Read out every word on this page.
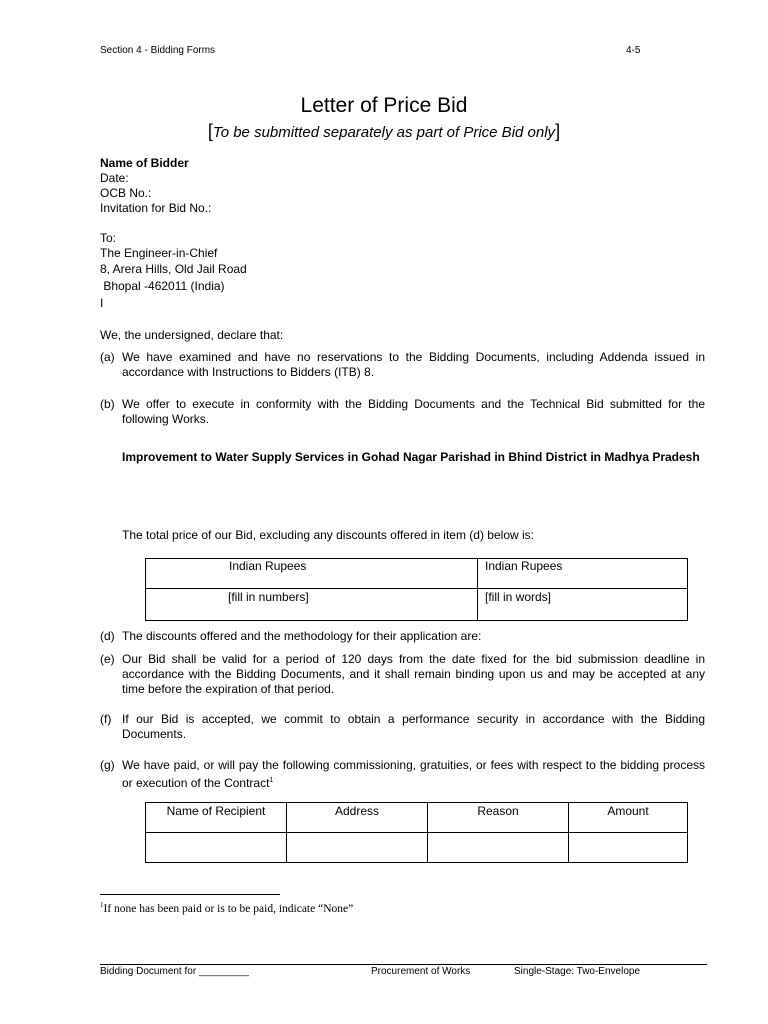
Section 4 - Bidding Forms	4-5
Letter of Price Bid
[To be submitted separately as part of Price Bid only]
Name of Bidder
Date:
OCB No.:
Invitation for Bid No.:
To:
The Engineer-in-Chief
8, Arera Hills, Old Jail Road
Bhopal -462011 (India)
I
We, the undersigned, declare that:
(a) We have examined and have no reservations to the Bidding Documents, including Addenda issued in accordance with Instructions to Bidders (ITB) 8.
(b) We offer to execute in conformity with the Bidding Documents and the Technical Bid submitted for the following Works.
Improvement to Water Supply Services in Gohad Nagar Parishad in Bhind District in Madhya Pradesh
The total price of our Bid, excluding any discounts offered in item (d) below is:
Indian Rupees	Indian Rupees
[fill in numbers]	[fill in words]
(d) The discounts offered and the methodology for their application are:
(e) Our Bid shall be valid for a period of 120 days from the date fixed for the bid submission deadline in accordance with the Bidding Documents, and it shall remain binding upon us and may be accepted at any time before the expiration of that period.
(f) If our Bid is accepted, we commit to obtain a performance security in accordance with the Bidding Documents.
(g) We have paid, or will pay the following commissioning, gratuities, or fees with respect to the bidding process or execution of the Contract$^1$
Name of Recipient	Address	Reason	Amount

$^1$If none has been paid or is to be paid, indicate “None”
Bidding Document for _________	Procurement of Works	Single-Stage: Two-Envelope
